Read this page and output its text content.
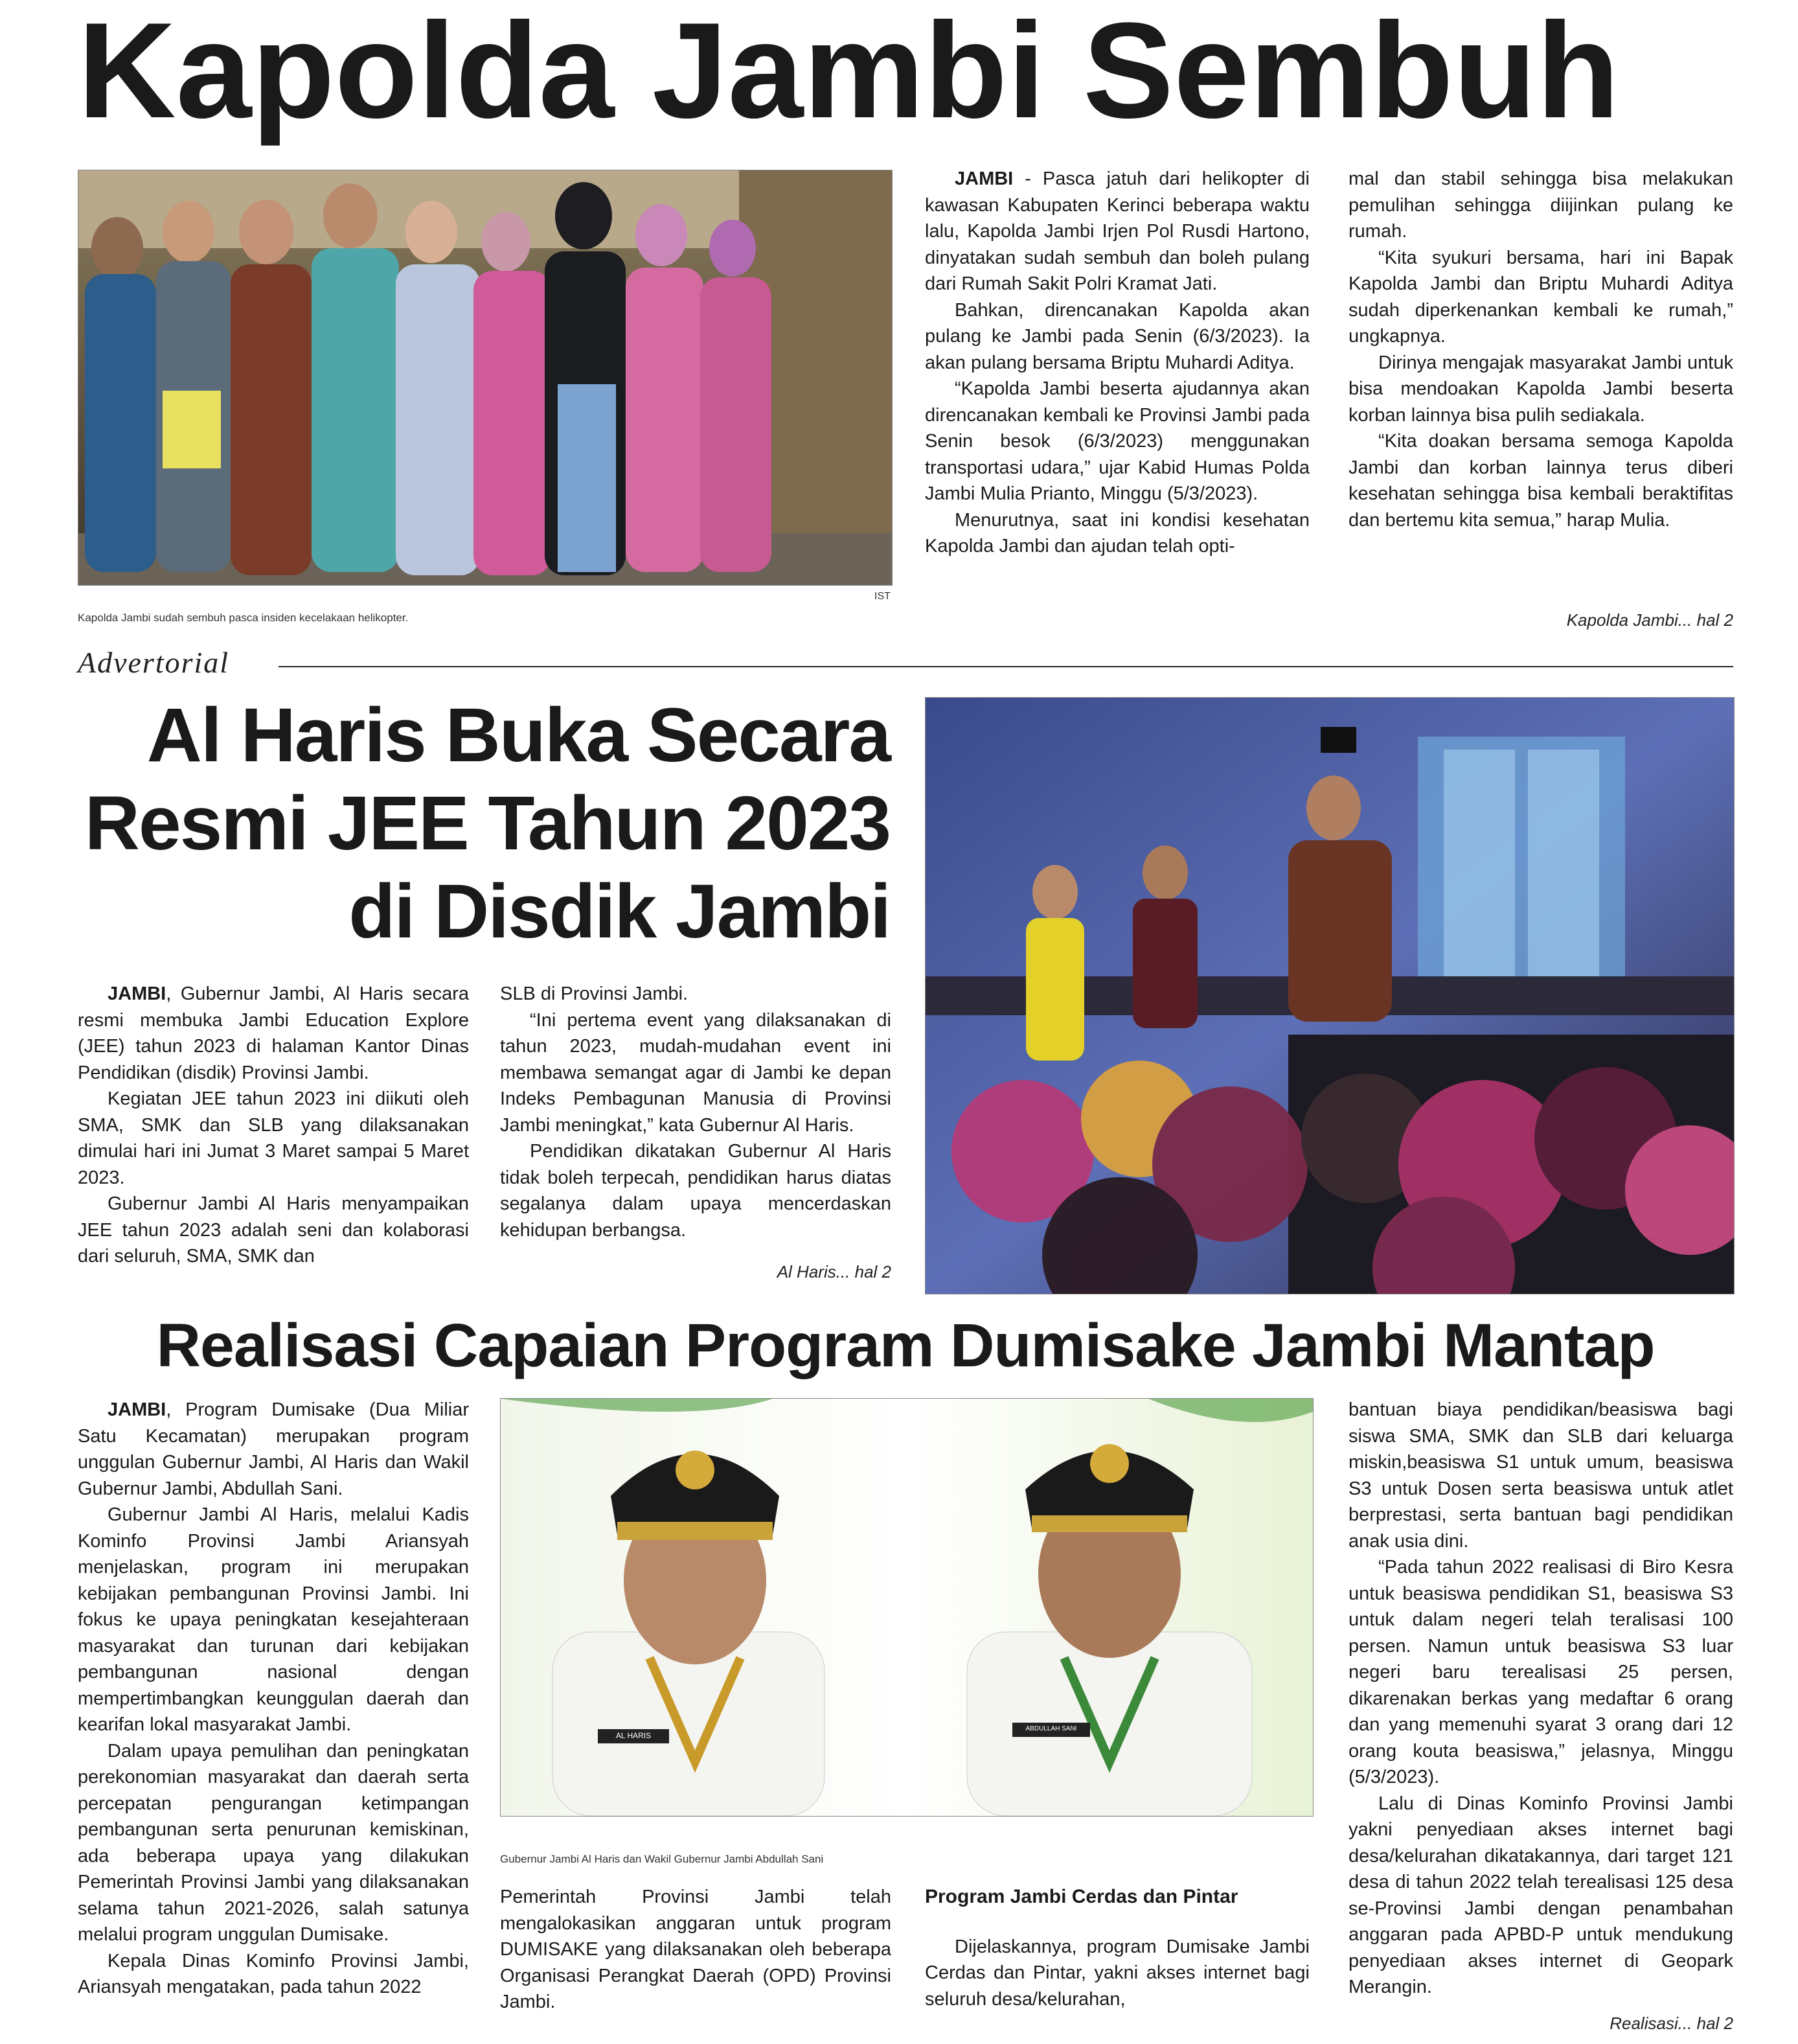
Kapolda Jambi Sembuh
Kapolda Jambi sudah sembuh pasca insiden kecelakaan helikopter.
IST

JAMBI - Pasca jatuh dari helikopter di kawasan Kabupaten Kerinci beberapa waktu lalu, Kapolda Jambi Irjen Pol Rusdi Hartono, dinyatakan sudah sembuh dan boleh pulang dari Rumah Sakit Polri Kramat Jati.

Bahkan, direncanakan Kapolda akan pulang ke Jambi pada Senin (6/3/2023). Ia akan pulang bersama Briptu Muhardi Aditya.

“Kapolda Jambi beserta ajudannya akan direncanakan kembali ke Provinsi Jambi pada Senin besok (6/3/2023) menggunakan transportasi udara,” ujar Kabid Humas Polda Jambi Mulia Prianto, Minggu (5/3/2023).

Menurutnya, saat ini kondisi kesehatan Kapolda Jambi dan ajudan telah opti-

mal dan stabil sehingga bisa melakukan pemulihan sehingga diijinkan pulang ke rumah.

“Kita syukuri bersama, hari ini Bapak Kapolda Jambi dan Briptu Muhardi Aditya sudah diperkenankan kembali ke rumah,” ungkapnya.

Dirinya mengajak masyarakat Jambi untuk bisa mendoakan Kapolda Jambi beserta korban lainnya bisa pulih sediakala.

“Kita doakan bersama semoga Kapolda Jambi dan korban lainnya terus diberi kesehatan sehingga bisa kembali beraktifitas dan bertemu kita semua,” harap Mulia.

Kapolda Jambi... hal 2
Advertorial
Al Haris Buka Secara
Resmi JEE Tahun 2023
di Disdik Jambi

JAMBI, Gubernur Jambi, Al Haris secara resmi membuka Jambi Education Explore (JEE) tahun 2023 di halaman Kantor Dinas Pendidikan (disdik) Provinsi Jambi.

Kegiatan JEE tahun 2023 ini diikuti oleh SMA, SMK dan SLB yang dilaksanakan dimulai hari ini Jumat 3 Maret sampai 5 Maret 2023.

Gubernur Jambi Al Haris menyampaikan JEE tahun 2023 adalah seni dan kolaborasi dari seluruh, SMA, SMK dan

SLB di Provinsi Jambi.

“Ini pertema event yang dilaksanakan di tahun 2023, mudah-mudahan event ini membawa semangat agar di Jambi ke depan Indeks Pembagunan Manusia di Provinsi Jambi meningkat,” kata Gubernur Al Haris.

Pendidikan dikatakan Gubernur Al Haris tidak boleh terpecah, pendidikan harus diatas segalanya dalam upaya mencerdaskan kehidupan berbangsa.

Al Haris... hal 2
Realisasi Capaian Program Dumisake Jambi Mantap

JAMBI, Program Dumisake (Dua Miliar Satu Kecamatan) merupakan program unggulan Gubernur Jambi, Al Haris dan Wakil Gubernur Jambi, Abdullah Sani.

Gubernur Jambi Al Haris, melalui Kadis Kominfo Provinsi Jambi Ariansyah menjelaskan, program ini merupakan kebijakan pembangunan Provinsi Jambi. Ini fokus ke upaya peningkatan kesejahteraan masyarakat dan turunan dari kebijakan pembangunan nasional dengan mempertimbangkan keunggulan daerah dan kearifan lokal masyarakat Jambi.

Dalam upaya pemulihan dan peningkatan perekonomian masyarakat dan daerah serta percepatan pengurangan ketimpangan pembangunan serta penurunan kemiskinan, ada beberapa upaya yang dilakukan Pemerintah Provinsi Jambi yang dilaksanakan selama tahun 2021-2026, salah satunya melalui program unggulan Dumisake.

Kepala Dinas Kominfo Provinsi Jambi, Ariansyah mengatakan, pada tahun 2022

AL HARIS
ABDULLAH SANI
Gubernur Jambi Al Haris dan Wakil Gubernur Jambi Abdullah Sani

Pemerintah Provinsi Jambi telah mengalokasikan anggaran untuk program DUMISAKE yang dilaksanakan oleh beberapa Organisasi Perangkat Daerah (OPD) Provinsi Jambi.

Program Jambi Cerdas dan Pintar

Dijelaskannya, program Dumisake Jambi Cerdas dan Pintar, yakni akses internet bagi seluruh desa/kelurahan,

bantuan biaya pendidikan/beasiswa bagi siswa SMA, SMK dan SLB dari keluarga miskin,beasiswa S1 untuk umum, beasiswa S3 untuk Dosen serta beasiswa untuk atlet berprestasi, serta bantuan bagi pendidikan anak usia dini.

“Pada tahun 2022 realisasi di Biro Kesra untuk beasiswa pendidikan S1, beasiswa S3 untuk dalam negeri telah teralisasi 100 persen. Namun untuk beasiswa S3 luar negeri baru terealisasi 25 persen, dikarenakan berkas yang medaftar 6 orang dan yang memenuhi syarat 3 orang dari 12 orang kouta beasiswa,” jelasnya, Minggu (5/3/2023).

Lalu di Dinas Kominfo Provinsi Jambi yakni penyediaan akses internet bagi desa/kelurahan dikatakannya, dari target 121 desa di tahun 2022 telah terealisasi 125 desa se-Provinsi Jambi dengan penambahan anggaran pada APBD-P untuk mendukung penyediaan akses internet di Geopark Merangin.

Realisasi... hal 2
